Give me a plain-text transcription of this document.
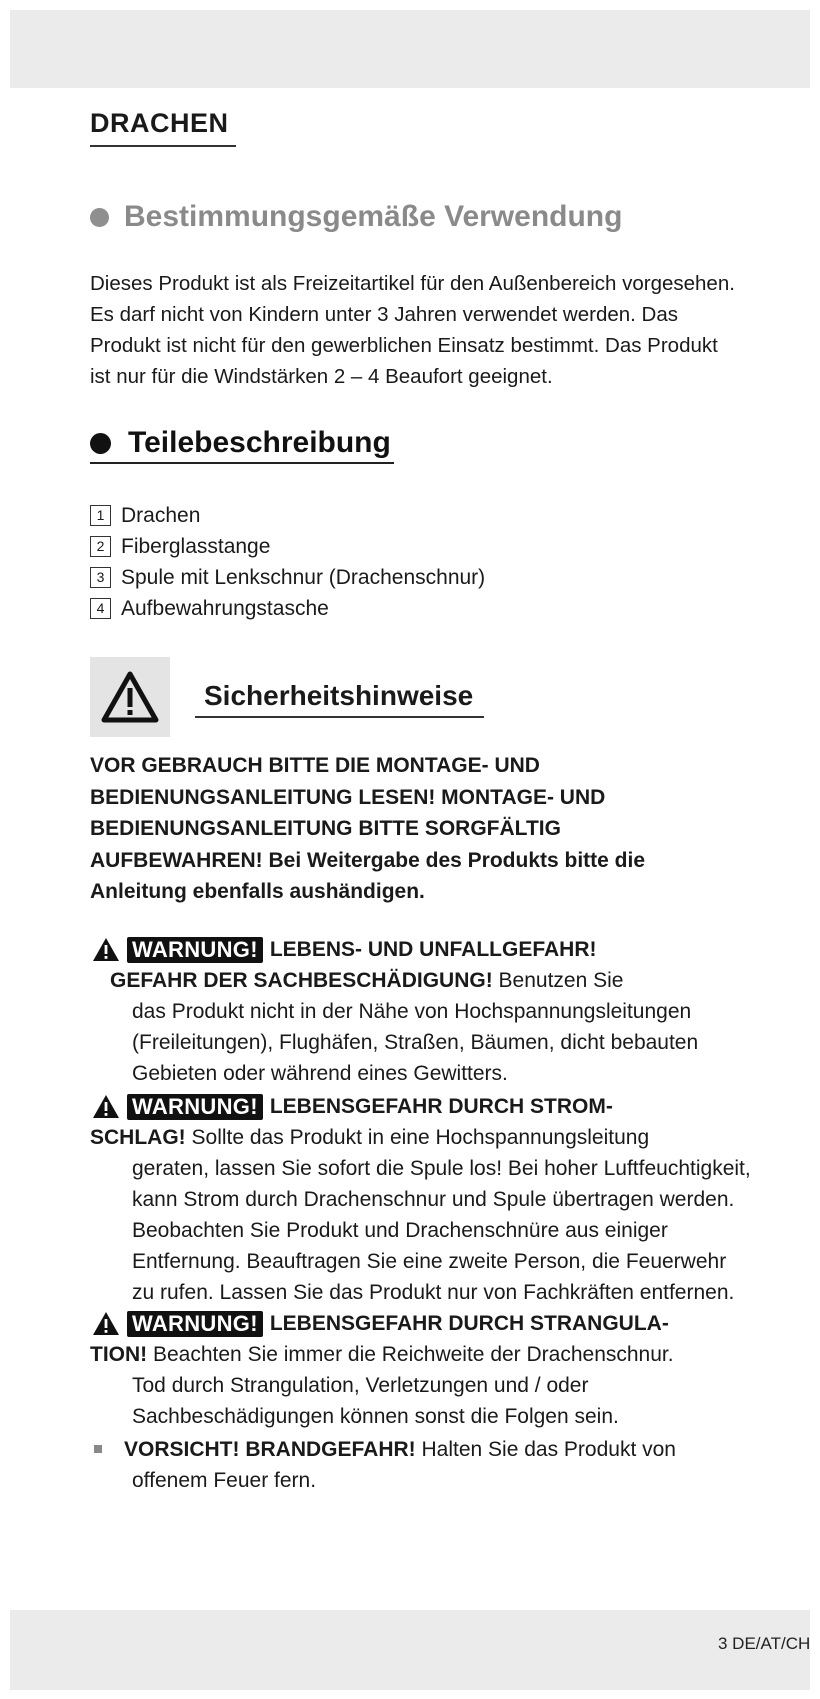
DRACHEN
Bestimmungsgemäße Verwendung

Dieses Produkt ist als Freizeitartikel für den Außenbereich vorgesehen.
Es darf nicht von Kindern unter 3 Jahren verwendet werden. Das
Produkt ist nicht für den gewerblichen Einsatz bestimmt. Das Produkt
ist nur für die Windstärken 2 – 4 Beaufort geeignet.

Teilebeschreibung
1 Drachen
2 Fiberglasstange
3 Spule mit Lenkschnur (Drachenschnur)
4 Aufbewahrungstasche
Sicherheitshinweise

VOR GEBRAUCH BITTE DIE MONTAGE- UND
BEDIENUNGSANLEITUNG LESEN! MONTAGE- UND
BEDIENUNGSANLEITUNG BITTE SORGFÄLTIG
AUFBEWAHREN! Bei Weitergabe des Produkts bitte die
Anleitung ebenfalls aushändigen.

WARNUNG! LEBENS- UND UNFALLGEFAHR!
GEFAHR DER SACHBESCHÄDIGUNG! Benutzen Sie
das Produkt nicht in der Nähe von Hochspannungsleitungen
(Freileitungen), Flughäfen, Straßen, Bäumen, dicht bebauten
Gebieten oder während eines Gewitters.
WARNUNG! LEBENSGEFAHR DURCH STROM-
SCHLAG! Sollte das Produkt in eine Hochspannungsleitung
geraten, lassen Sie sofort die Spule los! Bei hoher Luftfeuchtigkeit,
kann Strom durch Drachenschnur und Spule übertragen werden.
Beobachten Sie Produkt und Drachenschnüre aus einiger
Entfernung. Beauftragen Sie eine zweite Person, die Feuerwehr
zu rufen. Lassen Sie das Produkt nur von Fachkräften entfernen.
WARNUNG! LEBENSGEFAHR DURCH STRANGULA-
TION! Beachten Sie immer die Reichweite der Drachenschnur.
Tod durch Strangulation, Verletzungen und / oder
Sachbeschädigungen können sonst die Folgen sein.
VORSICHT! BRANDGEFAHR! Halten Sie das Produkt von
offenem Feuer fern.
3 DE/AT/CH
